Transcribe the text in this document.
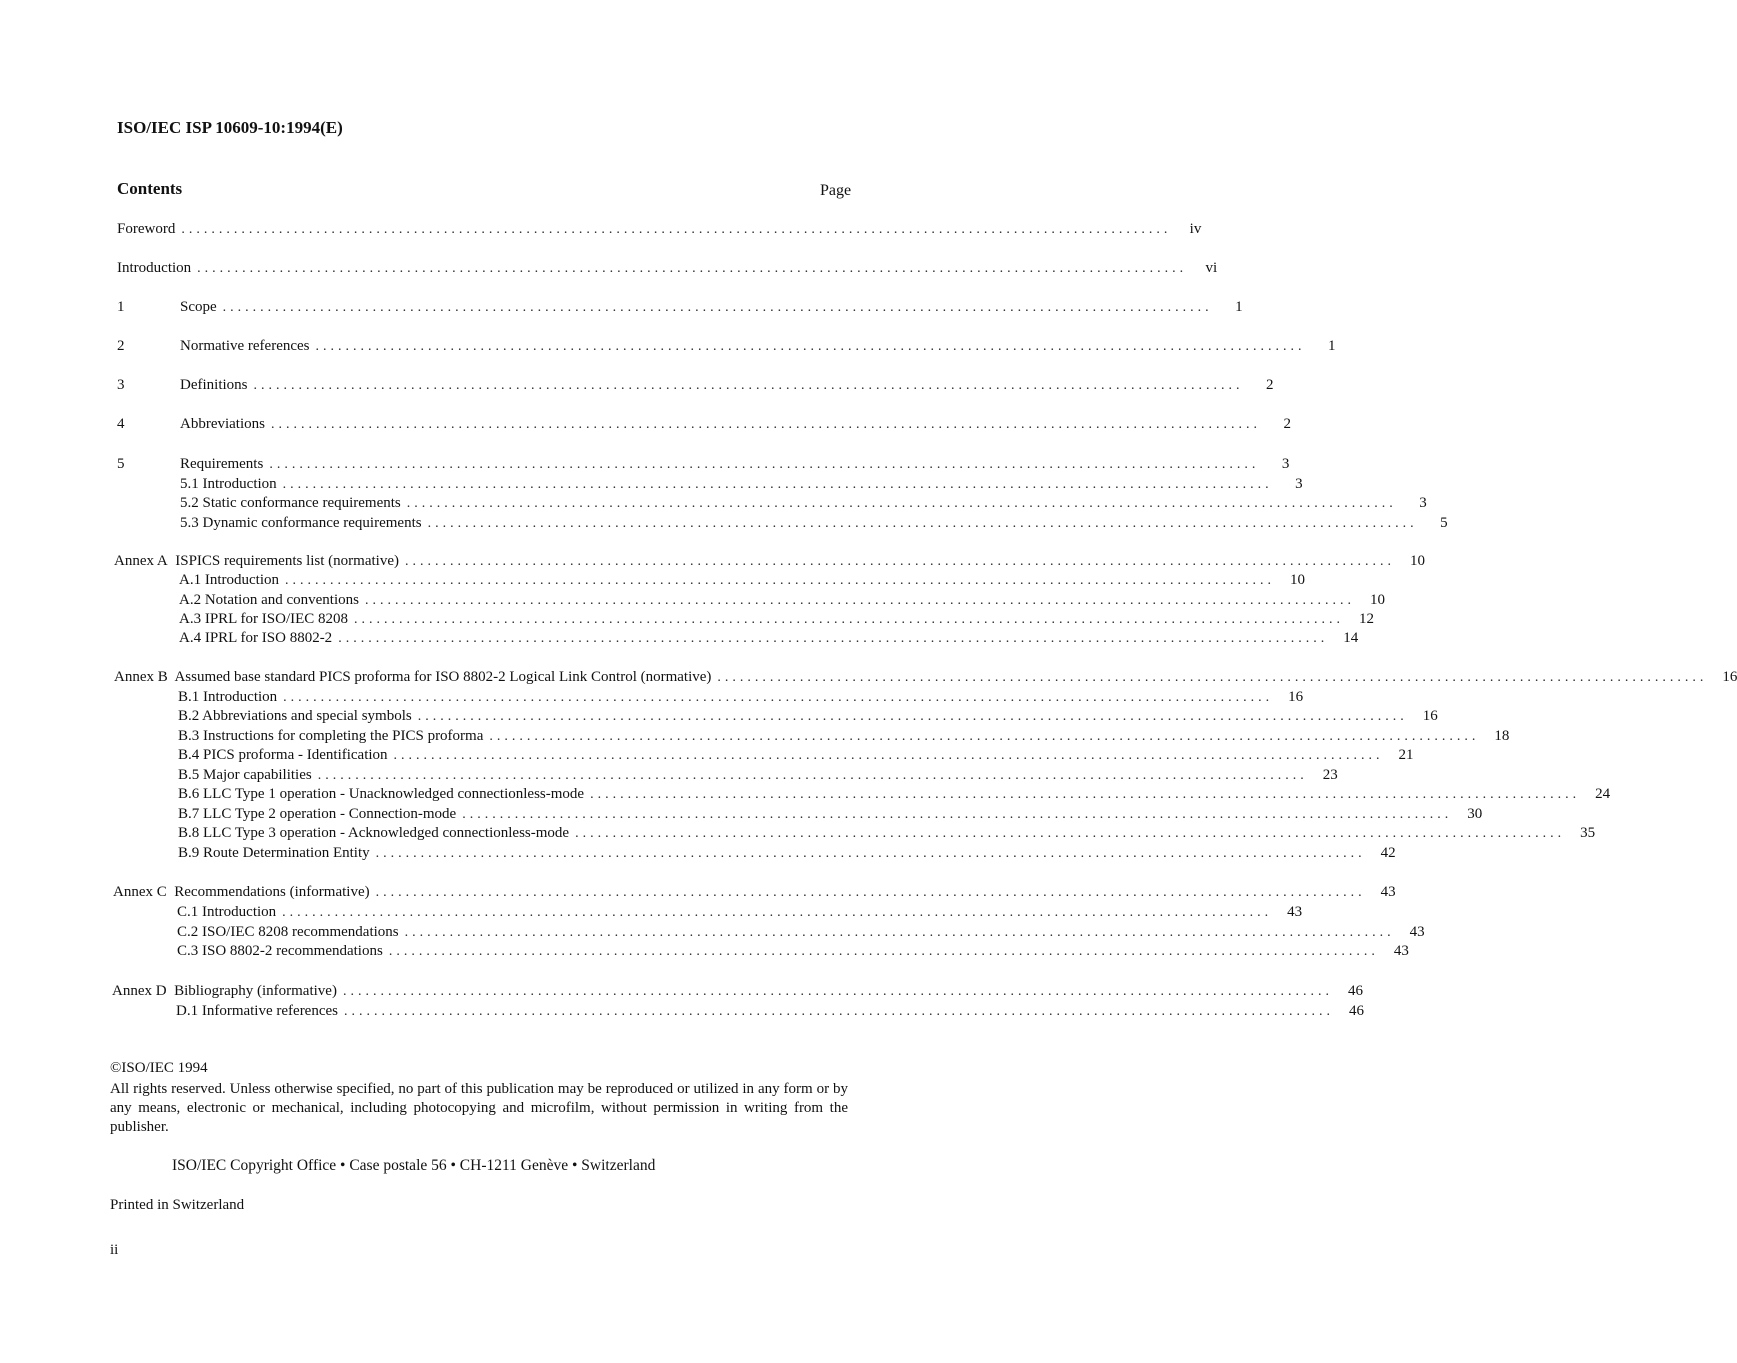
ISO/IEC ISP 10609-10:1994(E)
Contents	Page
Foreword ....................................................................................................................................	iv
Introduction ....................................................................................................................................	vi
1	Scope ....................................................................................................................................	1
2	Normative references ....................................................................................................................................	1
3	Definitions ....................................................................................................................................	2
4	Abbreviations ....................................................................................................................................	2
5	Requirements ....................................................................................................................................	3
5.1 Introduction ....................................................................................................................................	3
5.2 Static conformance requirements ....................................................................................................................................	3
5.3 Dynamic conformance requirements ....................................................................................................................................	5
Annex A ISPICS requirements list (normative) ....................................................................................................................................	10
A.1 Introduction ....................................................................................................................................	10
A.2 Notation and conventions ....................................................................................................................................	10
A.3 IPRL for ISO/IEC 8208 ....................................................................................................................................	12
A.4 IPRL for ISO 8802-2 ....................................................................................................................................	14
Annex B Assumed base standard PICS proforma for ISO 8802-2 Logical Link Control (normative) ....................................................................................................................................	16
B.1 Introduction ....................................................................................................................................	16
B.2 Abbreviations and special symbols ....................................................................................................................................	16
B.3 Instructions for completing the PICS proforma ....................................................................................................................................	18
B.4 PICS proforma - Identification ....................................................................................................................................	21
B.5 Major capabilities ....................................................................................................................................	23
B.6 LLC Type 1 operation - Unacknowledged connectionless-mode ....................................................................................................................................	24
B.7 LLC Type 2 operation - Connection-mode ....................................................................................................................................	30
B.8 LLC Type 3 operation - Acknowledged connectionless-mode ....................................................................................................................................	35
B.9 Route Determination Entity ....................................................................................................................................	42
Annex C Recommendations (informative) ....................................................................................................................................	43
C.1 Introduction ....................................................................................................................................	43
C.2 ISO/IEC 8208 recommendations ....................................................................................................................................	43
C.3 ISO 8802-2 recommendations ....................................................................................................................................	43
Annex D Bibliography (informative) ....................................................................................................................................	46
D.1 Informative references ....................................................................................................................................	46
©ISO/IEC 1994
All rights reserved. Unless otherwise specified, no part of this publication may be reproduced or utilized in any form or by any means, electronic or mechanical, including photocopying and microfilm, without permission in writing from the publisher.
ISO/IEC Copyright Office • Case postale 56 • CH-1211 Genève • Switzerland
Printed in Switzerland
ii
